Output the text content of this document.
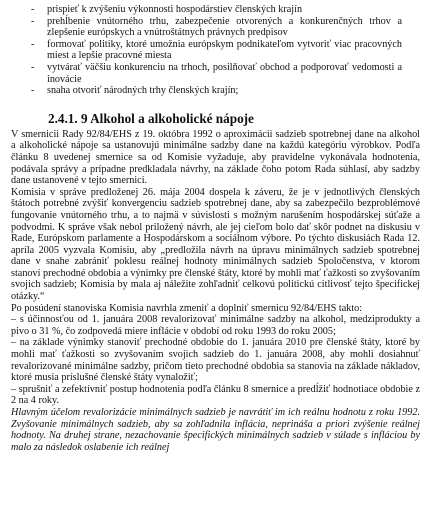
- prispieť k zvýšeniu výkonnosti hospodárstiev členských krajín
- prehĺbenie vnútorného trhu, zabezpečenie otvorených a konkurenčných trhov a zlepšenie európskych a vnútroštátnych právnych predpisov
- formovať politiky, ktoré umožnia európskym podnikateľom vytvoriť viac pracovných miest a lepšie pracovné miesta
- vytvárať väčšiu konkurenciu na trhoch, posilňovať obchod a podporovať vedomosti a inovácie
- snaha otvoriť národných trhy členských krajín;
2.4.1. 9 Alkohol a alkoholické nápoje

V smernicii Rady 92/84/EHS z 19. októbra 1992 o aproximácii sadzieb spotrebnej dane na alkohol a alkoholické nápoje sa ustanovujú minimálne sadzby dane na každú kategóriu výrobkov. Podľa článku 8 uvedenej smernice sa od Komisie vyžaduje, aby pravidelne vykonávala hodnotenia, podávala správy a prípadne predkladala návrhy, na základe čoho potom Rada súhlasí, aby sadzby dane ustanovené v tejto smernici.

Komisia v správe predloženej 26. mája 2004 dospela k záveru, že je v jednotlivých členských štátoch potrebné zvýšiť konvergenciu sadzieb spotrebnej dane, aby sa zabezpečilo bezproblémové fungovanie vnútorného trhu, a to najmä v súvislosti s možným narušením hospodárskej súťaže a podvodmi. K správe však nebol priložený návrh, ale jej cieľom bolo dať skôr podnet na diskusiu v Rade, Európskom parlamente a Hospodárskom a sociálnom výbore. Po týchto diskusiách Rada 12. apríla 2005 vyzvala Komisiu, aby „predložila návrh na úpravu minimálnych sadzieb spotrebnej dane v snahe zabrániť poklesu reálnej hodnoty minimálnych sadzieb Spoločenstva, v ktorom stanoví prechodné obdobia a výnimky pre členské štáty, ktoré by mohli mať ťažkosti so zvyšovaním svojich sadzieb; Komisia by mala aj náležite zohľadniť celkovú politickú citlivosť tejto špecifickej otázky.“

Po posúdení stanoviska Komisia navrhla zmeniť a doplniť smernicu 92/84/EHS takto:

– s účinnosťou od 1. januára 2008 revalorizovať minimálne sadzby na alkohol, medziprodukty a pivo o 31 %, čo zodpovedá miere inflácie v období od roku 1993 do roku 2005;
– na základe výnimky stanoviť prechodné obdobie do 1. januára 2010 pre členské štáty, ktoré by mohli mať ťažkosti so zvyšovaním svojich sadzieb do 1. januára 2008, aby mohli dosiahnuť revalorizované minimálne sadzby, pričom tieto prechodné obdobia sa stanovia na základe nákladov, ktoré musia príslušné členské štáty vynaložiť;
– sprušniť a zefektívniť postup hodnotenia podľa článku 8 smernice a predĺžiť hodnotiace obdobie z 2 na 4 roky.

Hlavným účelom revalorizácie minimálnych sadzieb je navrátiť im ich reálnu hodnotu z roku 1992. Zvyšovanie minimálnych sadzieb, aby sa zohľadnila inflácia, neprináša a priori zvýšenie reálnej hodnoty. Na druhej strane, nezachovanie špecifických minimálnych sadzieb v súlade s infláciou by malo za následok oslabenie ich reálnej
